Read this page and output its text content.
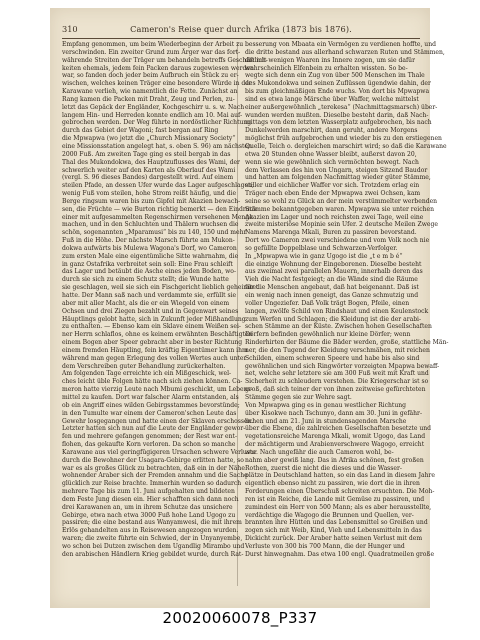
310	Cameron's Reise quer durch Afrika (1873 bis 1876).
Empfang genommen, um beim Wiederbeginn der Arbeit zu
verschwinden. Ein zweiter Grund zum Ärger war das fort-
währende Streiten der Träger um behandeln betreffs Geschäftlich-
keiten ehemals, jedem fein Packen daraus zugewiesen werden
war, so fanden doch jeder beim Aufbruch ein Stück zu er-
wischen, welches keinen Träger eine besondere Würde in der
Karawane verlieh, wie namentlich die Fette. Zunächst an
Rang kamen die Packen mit Draht, Zeug und Perlen, zu-
letzt das Gepäck der Engländer, Kochgeschirr u. s. w. Nach
langem Hin- und Herreden konnte endlich am 10. Mai auf-
gebrochen werden. Der Weg führte in nordöstlicher Richtung
durch das Gebiet der Wagoni; fast bergan auf Ring
die Mpwapwa (wo jetzt die „Church Missionary Society“
eine Missionsstation angelegt hat, s. oben S. 96) am nächsten
2000 Fuß. Am zweiten Tage ging es steil bergab in das
Thal des Mukondokwa, des Hauptzuflusses des Wami, der
schwerlich weiter auf den Karten als Oberlauf des Wami
(vergl. S. 96 dieses Bandes) dargestellt wird. Auf einem
steilen Pfade, an dessen Ufer wurde das Lager aufgeschlagen;
wenig Fuß vom steilen, hohe Strom reißt häufig, und die
Berge ringsum waren bis zum Gipfel mit Akazien bewach-
sen, die Früchte — wie Burton richtig bemerkt — den Eindruck
einer mit aufgesammelten Regenschirmen versehenen Menge
machen, und in den Schluchten und Thälern wuchsen die
schön, sogenannten „Mparamusi“ bis zu 140, 150 und mehr
Fuß in die Höhe. Der nächste Marsch führte am Mukon-
dokwa aufwärts bis Mulewa Wagona's Dorf, wo Cameron
zum ersten Male eine eigentümliche Sitte wahrnahm, die
in ganz Ostafrika verbreitet sein soll: Eine Frau schleift
das Lager und betäubt die Asche eines jeden Boden, wo-
durch sie sich zu einem Schutz stellt; die Wunde hatte
sie geschlagen, weil sie sich ein Fischgericht lieblich geheiratet
hatte. Der Mann saß nach und verdammte sie, erfüllt sie
aber mit aller Macht, als die er ein Wiegeld von einem
Ochsen und drei Ziegen bezahlt und in Gegenwart seines
Häuptlings gelobt hatte, sich in Zukunft jeder Mißhandlung
zu enthalten. — Ebenso kam ein Sklave einem Weißen sei-
ner Herrn schlaflos, ohne es keinem erwähnten Beschäftigten
einem Bogen aber Speer gebracht aber in bester Richtung
einem fremden Häuptling, fein kräftig Eigentümer kann ihm
während man gegen Erlegung des vollen Wertes auch unter
dem Verschreiben guter Behandlung zurückerhalten.
Am folgenden Tage erreichte ich ein Mißgeschick, wel-
ches leicht üble Folgen hätte nach sich ziehen können. Ca-
meron hatte vierzig Leute nach Mbumi geschickt, um Lebens-
mittel zu kaufen. Dort war falscher Alarm entstanden, als
ob ein Angriff eines wilden Gebirgsstammes bevorstünde;
in den Tumulte war einem der Cameron'schen Leute das
Gewehr losgegangen und hatte einen der Sklaven erschossen.
Letzter hatten sich nun auf die Leute der Engländer gewor-
fen und mehrere gefangen genommen; der Rest war ent-
flohen, das gekaufte Korn verloren. Da schon so manche
Karawane aus viel geringfügigeren Ursachen schwere Verluste
durch die Bewohner der Usagara-Gebirge erlitten hatte, so
war es als großes Glück zu betrachten, daß ein in der Nähe
wohnender Araber sich der Fremden annahm und die Sache
glücklich zur Reise brachte. Immerhin wurden so dadurch
mehrere Tage bis zum 11. Juni aufgehalten und bildeten
dem Feste Jung diesen ein. Hier schafften sich dann noch
drei Karawanen an, um in ihrem Schutze das unsichere
Gebirge, etwa nach etwa 3000 Fuß hohe Land Ugogo zu
passiren; die eine bestand aus Wanyamwesi, die mit ihrem
Erlös gehandelten aus in Reisewesen angezogen wurden.
waren; die zweite führte ein Schwied, der in Unyanyembe,
wo schon bei Dutzen zwischen dem Ugandlig Mirambo und
den arabischen Händlern Krieg gebildet wurde, durch Rat-
besserung von Mbaata ein Vermögen zu verdienen hoffte, und
die dritte bestand aus allerhand schwarzen Ruten und Stämmen,
die mit wenigen Waaren ins Innere zogen, um sie dafür
wahrscheinlich Elfenbein zu erhalten wissten. So be-
wegte sich denn ein Zug von über 500 Menschen im Thale
des Mukondokwa und seinen Zuflüssen ügendwie dahin, der
bis zum gleichmäßigen Ende wuchs. Von dort bis Mpwapwa
sind es etwa lange Märsche über Waffer, welche mittelst
einer außergewöhnlich „terekesa“ (Nachmittagsmarsch) über-
wunden werden mußten. Dieselbe besteht darin, daß Nach-
mittags von dem letzten Wasserplatz aufgebrochen, bis nach
Dunkelwerden marschirt, dann geruht, andere Morgens
möglichst früh aufgebrochen und wieder bis zu den erstiegenen
Quelle, Teich o. dergleichen marschirt wird; so daß die Karawane
etwa 20 Stunden ohne Wasser bleibt, außerst davon 20,
wenn sie wie gewöhnlich sich vermöchten bewegt. Nach
dem Verlassen des hin von Ungarn, steigen Sitzend Baudor
und hatten am folgenden Nachmittag wieder güter Stämme,
stiller und eichlicher Waffer vor sich. Trotzdem erlag ein
Träger nach eben Ende der Mpwapwa zwei Ochsen, kam
seine so wohl zu Glück an der mein verstümmelter werbenden
Stämme bekanntgegeben waren. Mpwapwa sie unter reichen
Akazien im Lager und noch reichsten zwei Tage, weil eine
zweite misteriöse Mopinie sein Ufer. 2 deutsche Meilen Zwege
Namens Marenga Mkali, Buren zu passiren bevorstand.
Dort wo Cameron zwei verschiedene und vom Volk noch nie
so gefüllte Doppelblase und Schwarzen-Verfolger.
In „Mpwapwa wie in ganz Ugogo ist die „t e m b é“
die einzige Wohnung der Eingeborenen. Dieselbe besteht
aus zweimal zwei parallelen Mauern, innerhalb deren das
Vieh die Nacht festgeiegt; an die Wände sind die Räume
für die Menschen angebaut, daß hat beigenannt. Daß ist
ein wenig nach innen geneigt, das Ganze schmutzig und
voller Ungeziefer. Daß Volk trägt Bogen, Pfeile, einen
langen, zwölfe Schild von Rindshaut und einen Keulenstock
zum Werfen und Schlagen; die Kleidung ist die der arabi-
schen Stämme an der Küste. Zwischen hohen Gesellschaften
Dörfern befinden gewöhnlich nur kleine Dörfer; wenn
Rinderhirten der Bäume die Bäder werden, große, stattliche Män-
ner, die den Tugend der Kleidung verschmähen, mit reichen
Schilden, einem schweren Speere und habe bis also sind
gewöhnlichen und sich Ringwörter vorzeigten Mpapwa bewaff-
net, welche sehr letztere sie am 300 Fuß weit mit Kraft und
Sicherheit zu schleudern verstehen. Die Kriegerschar ist so
groß, daß sich teiner der von ihnen zeitweise gefürchteten
Stämme gegen sie zur Wehre sagt.
Von Mpwapwa ging es in genau westlicher Richtung
über Kisokwe nach Tschunyo, dann am 30. Juni in gefähr-
lichen und am 21. Juni in stundensagenden Marsche
über die Ebene, die zahlreichen Gesellschaften besetzte und
vegetationsreiche Marenga Mkali, womit Ugogo, das Land
der mächtigerm und Arabienverschwere Wagogo, erreicht
war. Nach ungefähr die auch Cameron wohl, be-
nahm aber gewiß lang. Das in Afrika schönen, fest großen
Rothen, zuerst die nicht die dieses und die Wasser-
plätze in Deutschland hatten, so ein das Land in diesem Jahre
eigentlich ebenso nicht zu passiren, wie dort die in ihren
Forderungen einen Überschuß schreiten ersuchten. Die Moh-
ren ist ein Reiche, die Lande mit Gemüse zu passiren, und
zumindest ein Herr von 500 Mann; als es aber herausstellte,
verdächtige die Wagogo die Brunnen und Quellen, ver-
brannten ihre Hütten und das Lebensmittel so Greißen und
zogen sich mit Weib, Kind, Vieh und Lebensmitteln in das
Dickicht zurück. Der Araber hatte seinen Verlust mit dem
Verluste von 300 bis 700 Mann, die der Hunger und
Durst hinwegnahm. Das etwa 100 engl. Quadratmeilen große
20020060078_P337
